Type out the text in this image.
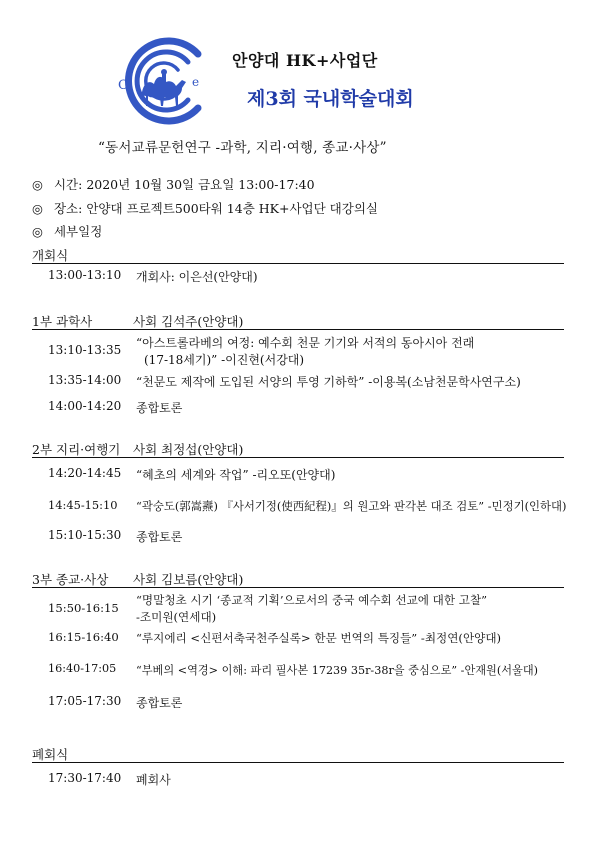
C	e
안양대 HK+사업단
제3회 국내학술대회
“동서교류문헌연구 -과학, 지리·여행, 종교·사상”
◎ 시간: 2020년 10월 30일 금요일 13:00-17:40
◎ 장소: 안양대 프로젝트500타워 14층 HK+사업단 대강의실
◎ 세부일정
개회식
13:00-13:10 개회사: 이은선(안양대)
1부 과학사	사회 김석주(안양대)
13:10-13:35 “아스트롤라베의 여정: 예수회 천문 기기와 서적의 동아시아 전래
(17-18세기)” -이진현(서강대)
13:35-14:00 “천문도 제작에 도입된 서양의 투영 기하학” -이용복(소남천문학사연구소)
14:00-14:20 종합토론
2부 지리·여행기 사회 최정섭(안양대)
14:20-14:45 “혜초의 세계와 작업” -리오또(안양대)
14:45-15:10 “곽숭도(郭嵩燾) 『사서기정(使西紀程)』의 원고와 판각본 대조 검토” -민정기(인하대)
15:10-15:30 종합토론
3부 종교·사상 사회 김보름(안양대)
15:50-16:15
“명말청초 시기 ‘종교적 기획’으로서의 중국 예수회 선교에 대한 고찰”
-조미원(연세대)
16:15-16:40 “루지에리 <신편서축국천주실록> 한문 번역의 특징들” -최정연(안양대)
16:40-17:05 “부베의 <역경> 이해: 파리 필사본 17239 35r-38r을 중심으로” -안재원(서울대)
17:05-17:30 종합토론
폐회식
17:30-17:40 폐회사
